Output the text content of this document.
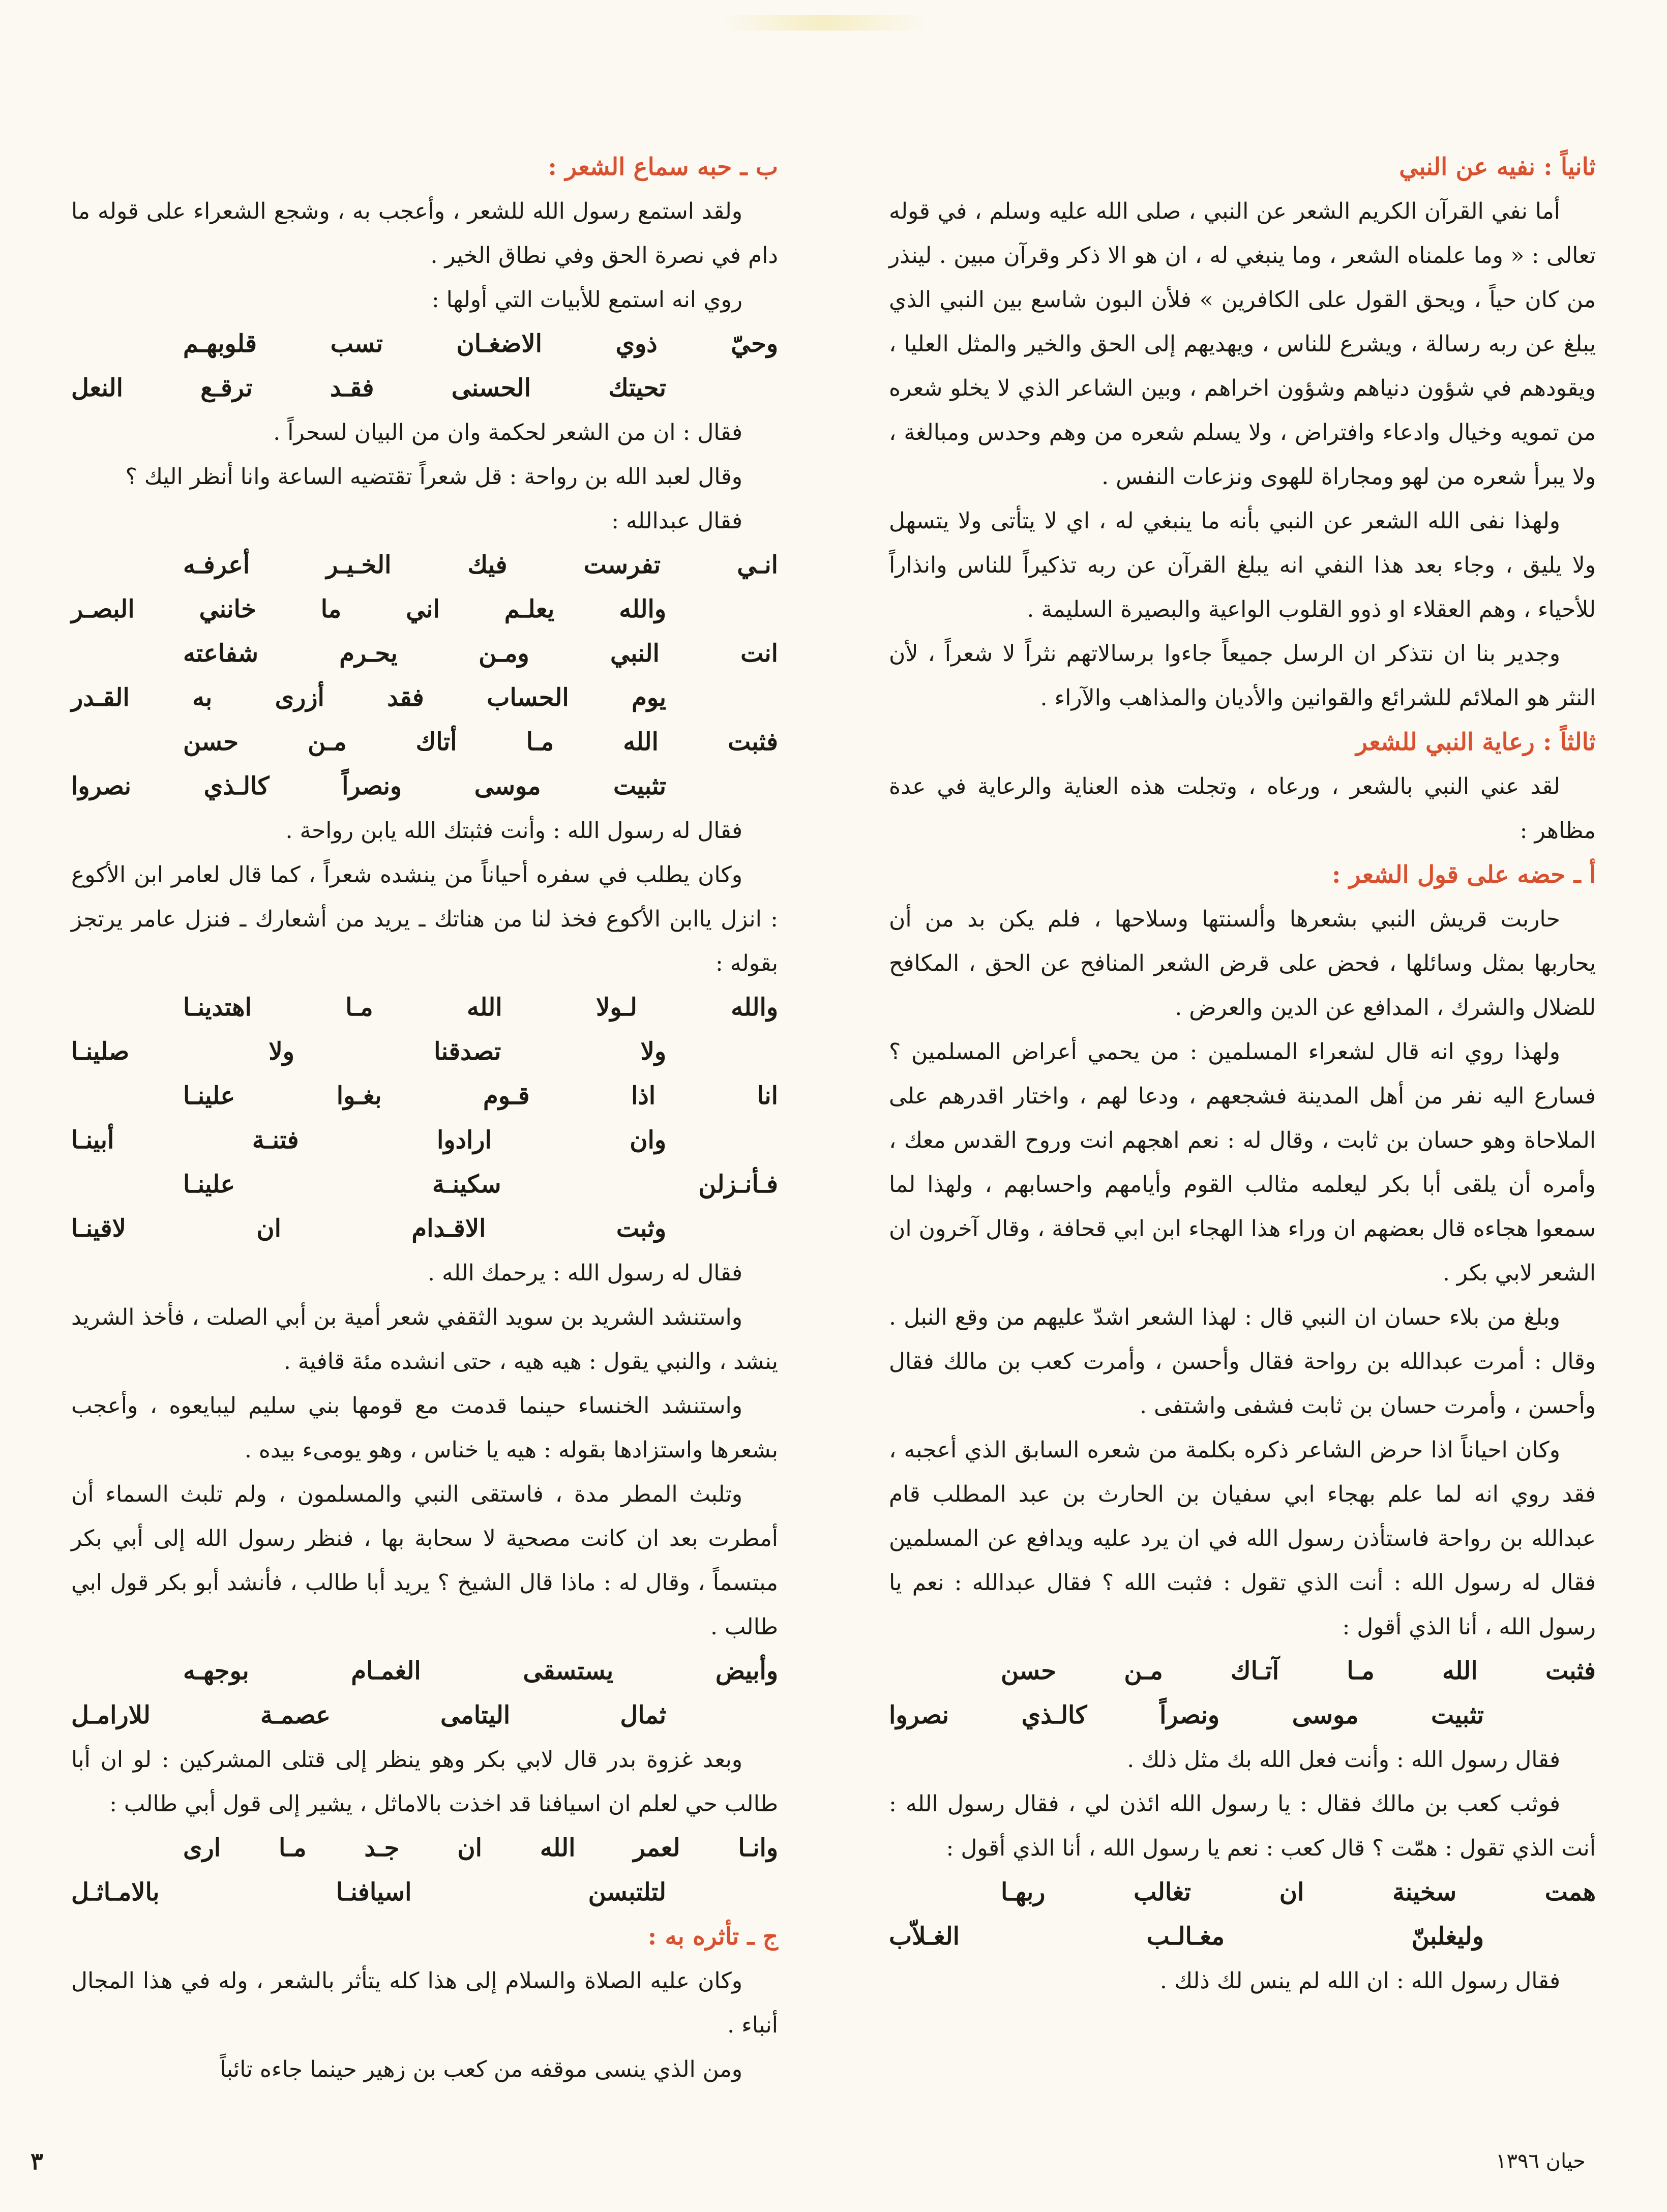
ثانياً : نفيه عن النبي

أما نفي القرآن الكريم الشعر عن النبي ، صلى الله عليه وسلم ، في قوله تعالى : « وما علمناه الشعر ، وما ينبغي له ، ان هو الا ذكر وقرآن مبين . لينذر من كان حياً ، ويحق القول على الكافرين » فلأن البون شاسع بين النبي الذي يبلغ عن ربه رسالة ، ويشرع للناس ، ويهديهم إلى الحق والخير والمثل العليا ، ويقودهم في شؤون دنياهم وشؤون اخراهم ، وبين الشاعر الذي لا يخلو شعره من تمويه وخيال وادعاء وافتراض ، ولا يسلم شعره من وهم وحدس ومبالغة ، ولا يبرأ شعره من لهو ومجاراة للهوى ونزعات النفس .

ولهذا نفى الله الشعر عن النبي بأنه ما ينبغي له ، اي لا يتأتى ولا يتسهل ولا يليق ، وجاء بعد هذا النفي انه يبلغ القرآن عن ربه تذكيراً للناس وانذاراً للأحياء ، وهم العقلاء او ذوو القلوب الواعية والبصيرة السليمة .

وجدير بنا ان نتذكر ان الرسل جميعاً جاءوا برسالاتهم نثراً لا شعراً ، لأن النثر هو الملائم للشرائع والقوانين والأديان والمذاهب والآراء .

ثالثاً : رعاية النبي للشعر

لقد عني النبي بالشعر ، ورعاه ، وتجلت هذه العناية والرعاية في عدة مظاهر :

أ ـ حضه على قول الشعر :

حاربت قريش النبي بشعرها وألسنتها وسلاحها ، فلم يكن بد من أن يحاربها بمثل وسائلها ، فحض على قرض الشعر المنافح عن الحق ، المكافح للضلال والشرك ، المدافع عن الدين والعرض .

ولهذا روي انه قال لشعراء المسلمين : من يحمي أعراض المسلمين ؟ فسارع اليه نفر من أهل المدينة فشجعهم ، ودعا لهم ، واختار اقدرهم على الملاحاة وهو حسان بن ثابت ، وقال له : نعم اهجهم انت وروح القدس معك ، وأمره أن يلقى أبا بكر ليعلمه مثالب القوم وأيامهم واحسابهم ، ولهذا لما سمعوا هجاءه قال بعضهم ان وراء هذا الهجاء ابن ابي قحافة ، وقال آخرون ان الشعر لابي بكر .

وبلغ من بلاء حسان ان النبي قال : لهذا الشعر اشدّ عليهم من وقع النبل . وقال : أمرت عبدالله بن رواحة فقال وأحسن ، وأمرت كعب بن مالك فقال وأحسن ، وأمرت حسان بن ثابت فشفى واشتفى .

وكان احياناً اذا حرض الشاعر ذكره بكلمة من شعره السابق الذي أعجبه ، فقد روي انه لما علم بهجاء ابي سفيان بن الحارث بن عبد المطلب قام عبدالله بن رواحة فاستأذن رسول الله في ان يرد عليه ويدافع عن المسلمين فقال له رسول الله : أنت الذي تقول : فثبت الله ؟ فقال عبدالله : نعم يا رسول الله ، أنا الذي أقول :

فثبت الله مـا آتـاك مـن حسن

تثبيت موسى ونصراً كالـذي نصروا

فقال رسول الله : وأنت فعل الله بك مثل ذلك .

فوثب كعب بن مالك فقال : يا رسول الله ائذن لي ، فقال رسول الله : أنت الذي تقول : همّت ؟ قال كعب : نعم يا رسول الله ، أنا الذي أقول :

همت سخينة ان تغالب ربهـا

وليغلبنّ مغـالـب الغـلاّب

فقال رسول الله : ان الله لم ينس لك ذلك .

ب ـ حبه سماع الشعر :

ولقد استمع رسول الله للشعر ، وأعجب به ، وشجع الشعراء على قوله ما دام في نصرة الحق وفي نطاق الخير .

روي انه استمع للأبيات التي أولها :

وحيّ ذوي الاضغـان تسب قلوبهـم

تحيتك الحسنى فقـد ترقـع النعل

فقال : ان من الشعر لحكمة وان من البيان لسحراً .

وقال لعبد الله بن رواحة : قل شعراً تقتضيه الساعة وانا أنظر اليك ؟

فقال عبدالله :

انـي تفرست فيك الخـيـر أعرفـه

والله يعلـم اني ما خانني البصـر

انت النبي ومـن يحـرم شفاعته

يوم الحساب فقد أزرى به القـدر

فثبت الله مـا أتاك مـن حسن

تثبيت موسى ونصراً كالـذي نصروا

فقال له رسول الله : وأنت فثبتك الله يابن رواحة .

وكان يطلب في سفره أحياناً من ينشده شعراً ، كما قال لعامر ابن الأكوع : انزل ياابن الأكوع فخذ لنا من هناتك ـ يريد من أشعارك ـ فنزل عامر يرتجز بقوله :

والله لـولا الله مـا اهتدينـا

ولا تصدقنا ولا صلينـا

انا اذا قـوم بغـوا علينـا

وان ارادوا فتنـة أبينـا

فـأنـزلن سكينـة علينـا

وثبت الاقـدام ان لاقينـا

فقال له رسول الله : يرحمك الله .

واستنشد الشريد بن سويد الثقفي شعر أمية بن أبي الصلت ، فأخذ الشريد ينشد ، والنبي يقول : هيه هيه ، حتى انشده مئة قافية .

واستنشد الخنساء حينما قدمت مع قومها بني سليم ليبايعوه ، وأعجب بشعرها واستزادها بقوله : هيه يا خناس ، وهو يومىء بيده .

وتلبث المطر مدة ، فاستقى النبي والمسلمون ، ولم تلبث السماء أن أمطرت بعد ان كانت مصحية لا سحابة بها ، فنظر رسول الله إلى أبي بكر مبتسماً ، وقال له : ماذا قال الشيخ ؟ يريد أبا طالب ، فأنشد أبو بكر قول ابي طالب .

وأبيض يستسقى الغمـام بوجهـه

ثمال اليتامى عصمـة للارامـل

وبعد غزوة بدر قال لابي بكر وهو ينظر إلى قتلى المشركين : لو ان أبا طالب حي لعلم ان اسيافنا قد اخذت بالاماثل ، يشير إلى قول أبي طالب :

وانـا لعمر الله ان جـد مـا ارى

لتلتبسن اسيافنـا بالامـاثـل

ج ـ تأثره به :

وكان عليه الصلاة والسلام إلى هذا كله يتأثر بالشعر ، وله في هذا المجال أنباء .

ومن الذي ينسى موقفه من كعب بن زهير حينما جاءه تائباً

حيان ١٣٩٦
٣
